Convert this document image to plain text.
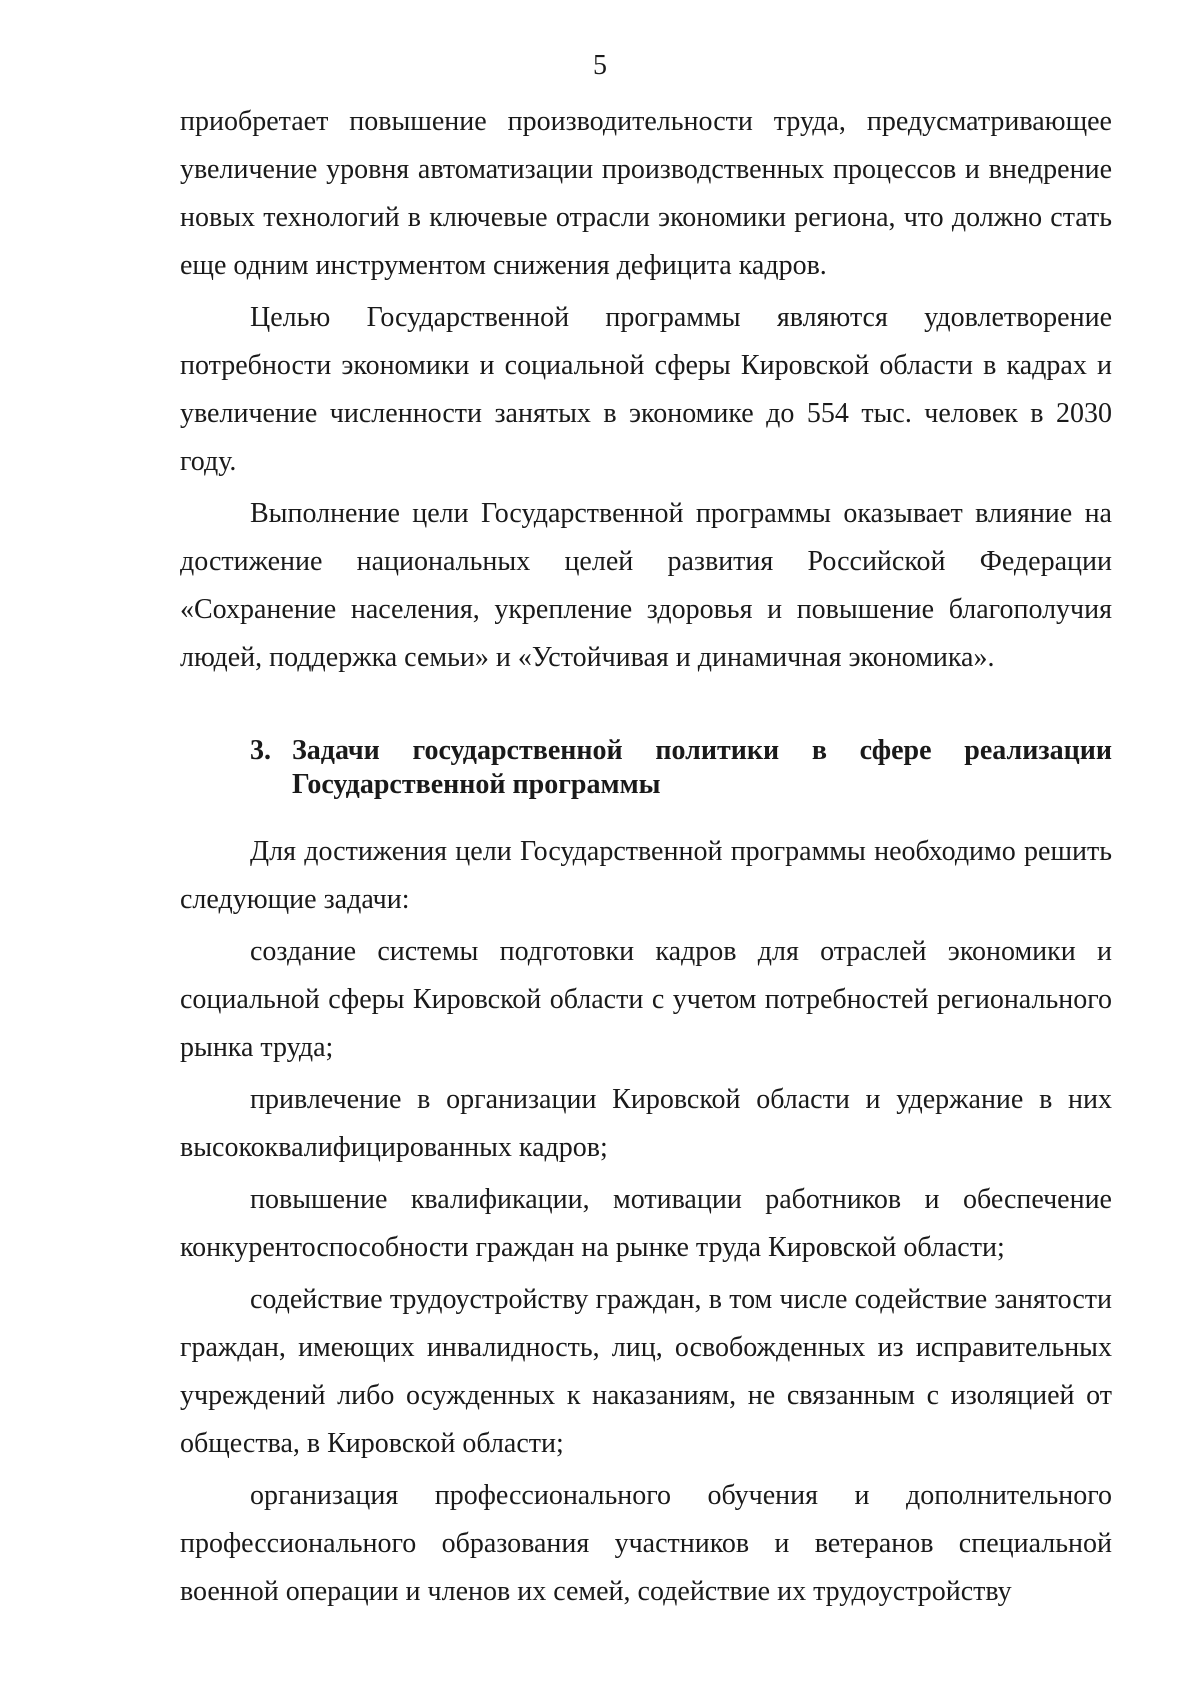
5

приобретает повышение производительности труда, предусматривающее увеличение уровня автоматизации производственных процессов и внедрение новых технологий в ключевые отрасли экономики региона, что должно стать еще одним инструментом снижения дефицита кадров.

Целью Государственной программы являются удовлетворение потребности экономики и социальной сферы Кировской области в кадрах и увеличение численности занятых в экономике до 554 тыс. человек в 2030 году.

Выполнение цели Государственной программы оказывает влияние на достижение национальных целей развития Российской Федерации «Сохранение населения, укрепление здоровья и повышение благополучия людей, поддержка семьи» и «Устойчивая и динамичная экономика».

3. Задачи государственной политики в сфере реализации Государственной программы

Для достижения цели Государственной программы необходимо решить следующие задачи:

создание системы подготовки кадров для отраслей экономики и социальной сферы Кировской области с учетом потребностей регионального рынка труда;

привлечение в организации Кировской области и удержание в них высококвалифицированных кадров;

повышение квалификации, мотивации работников и обеспечение конкурентоспособности граждан на рынке труда Кировской области;

содействие трудоустройству граждан, в том числе содействие занятости граждан, имеющих инвалидность, лиц, освобожденных из исправительных учреждений либо осужденных к наказаниям, не связанным с изоляцией от общества, в Кировской области;

организация профессионального обучения и дополнительного профессионального образования участников и ветеранов специальной военной операции и членов их семей, содействие их трудоустройству
